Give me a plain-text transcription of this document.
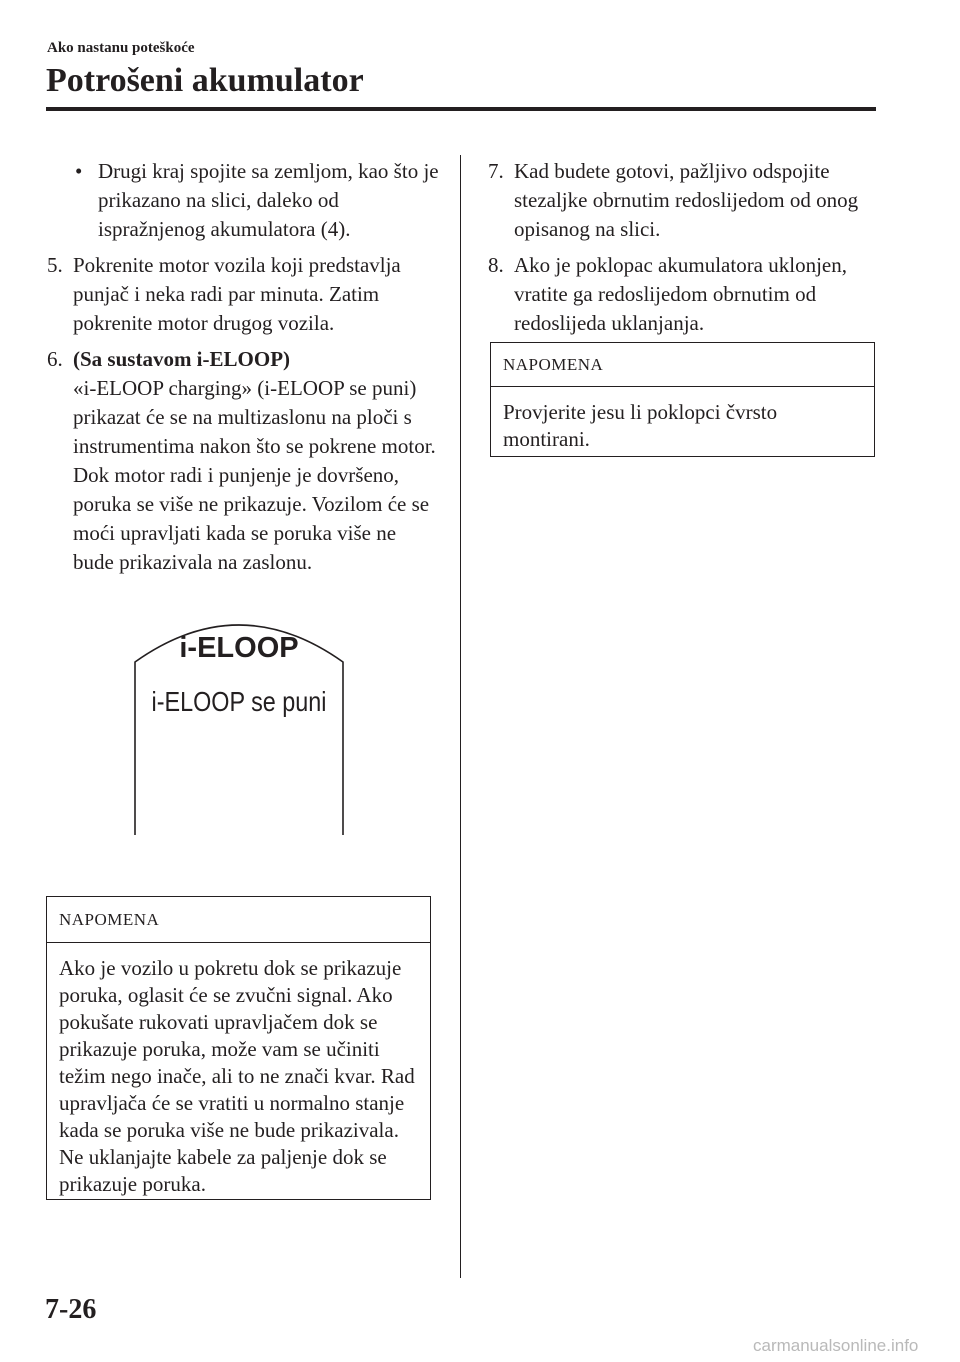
Ako nastanu poteškoće
Potrošeni akumulator
• Drugi kraj spojite sa zemljom, kao što je prikazano na slici, daleko od ispražnjenog akumulatora (4).
5. Pokrenite motor vozila koji predstavlja punjač i neka radi par minuta. Zatim pokrenite motor drugog vozila.
6. (Sa sustavom i-ELOOP)
«i-ELOOP charging» (i-ELOOP se puni) prikazat će se na multizaslonu na ploči s instrumentima nakon što se pokrene motor. Dok motor radi i punjenje je dovršeno, poruka se više ne prikazuje. Vozilom će se moći upravljati kada se poruka više ne bude prikazivala na zaslonu.
i-ELOOP
i-ELOOP se puni
NAPOMENA
Ako je vozilo u pokretu dok se prikazuje poruka, oglasit će se zvučni signal. Ako pokušate rukovati upravljačem dok se prikazuje poruka, može vam se učiniti težim nego inače, ali to ne znači kvar. Rad upravljača će se vratiti u normalno stanje kada se poruka više ne bude prikazivala. Ne uklanjajte kabele za paljenje dok se prikazuje poruka.
7. Kad budete gotovi, pažljivo odspojite stezaljke obrnutim redoslijedom od onog opisanog na slici.
8. Ako je poklopac akumulatora uklonjen, vratite ga redoslijedom obrnutim od redoslijeda uklanjanja.
NAPOMENA
Provjerite jesu li poklopci čvrsto montirani.
7-26
carmanualsonline.info
